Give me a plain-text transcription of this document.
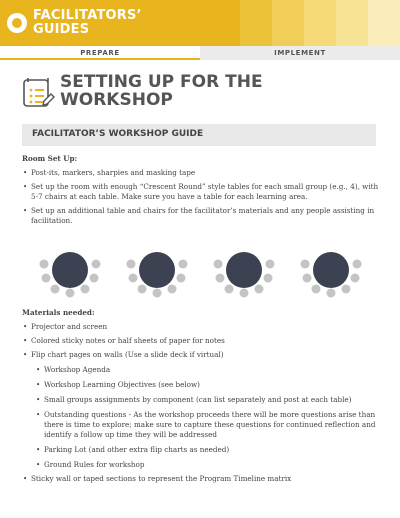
FACILITATORS’
GUIDES
PREPARE	IMPLEMENT
SETTING UP FOR THE
WORKSHOP
FACILITATOR’S WORKSHOP GUIDE
Room Set Up:
• Post-its, markers, sharpies and masking tape
• Set up the room with enough “Crescent Round” style tables for each small group (e.g., 4), with 5-7 chairs at each table. Make sure you have a table for each learning area.
• Set up an additional table and chairs for the facilitator’s materials and any people assisting in facilitation.
Materials needed:
• Projector and screen
• Colored sticky notes or half sheets of paper for notes
• Flip chart pages on walls (Use a slide deck if virtual)
• Workshop Agenda
• Workshop Learning Objectives (see below)
• Small groups assignments by component (can list separately and post at each table)
• Outstanding questions - As the workshop proceeds there will be more questions arise than there is time to explore; make sure to capture these questions for continued reflection and identify a follow up time they will be addressed
• Parking Lot (and other extra flip charts as needed)
• Ground Rules for workshop
• Sticky wall or taped sections to represent the Program Timeline matrix
